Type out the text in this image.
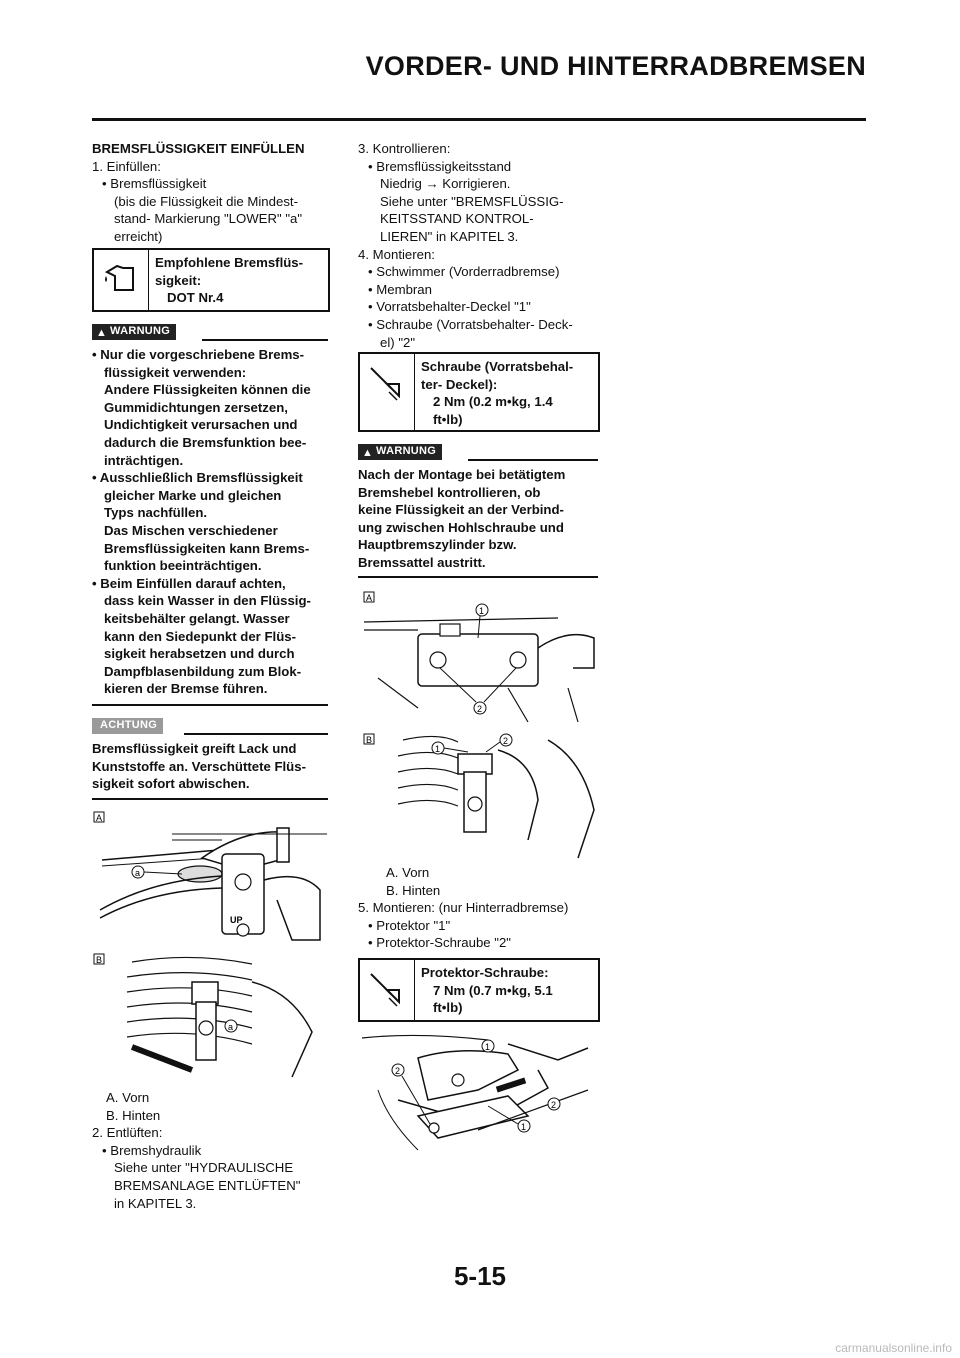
VORDER- UND HINTERRADBREMSEN
BREMSFLÜSSIGKEIT EINFÜLLEN
1. Einfüllen:
• Bremsflüssigkeit
(bis die Flüssigkeit die Mindest-
stand- Markierung "LOWER" "a"
erreicht)
Empfohlene Bremsflüs-
sigkeit:
DOT Nr.4
▲ WARNUNG
• Nur die vorgeschriebene Brems-
flüssigkeit verwenden:
Andere Flüssigkeiten können die
Gummidichtungen zersetzen,
Undichtigkeit verursachen und
dadurch die Bremsfunktion bee-
inträchtigen.
• Ausschließlich Bremsflüssigkeit
gleicher Marke und gleichen
Typs nachfüllen.
Das Mischen verschiedener
Bremsflüssigkeiten kann Brems-
funktion beeinträchtigen.
• Beim Einfüllen darauf achten,
dass kein Wasser in den Flüssig-
keitsbehälter gelangt. Wasser
kann den Siedepunkt der Flüs-
sigkeit herabsetzen und durch
Dampfblasenbildung zum Blok-
kieren der Bremse führen.
ACHTUNG
Bremsflüssigkeit greift Lack und
Kunststoffe an. Verschüttete Flüs-
sigkeit sofort abwischen.
A
UP
a
B
a
A. Vorn
B. Hinten
2. Entlüften:
• Bremshydraulik
Siehe unter "HYDRAULISCHE
BREMSANLAGE ENTLÜFTEN"
in KAPITEL 3.
3. Kontrollieren:
• Bremsflüssigkeitsstand
Niedrig → Korrigieren.
Siehe unter "BREMSFLÜSSIG-
KEITSSTAND KONTROL-
LIEREN" in KAPITEL 3.
4. Montieren:
• Schwimmer (Vorderradbremse)
• Membran
• Vorratsbehalter-Deckel "1"
• Schraube (Vorratsbehalter- Deck-
el) "2"
Schraube (Vorratsbehal-
ter- Deckel):
2 Nm (0.2 m•kg, 1.4
ft•lb)
▲ WARNUNG
Nach der Montage bei betätigtem
Bremshebel kontrollieren, ob
keine Flüssigkeit an der Verbind-
ung zwischen Hohlschraube und
Hauptbremszylinder bzw.
Bremssattel austritt.
A
1
2
B
1
2
A. Vorn
B. Hinten
5. Montieren: (nur Hinterradbremse)
• Protektor "1"
• Protektor-Schraube "2"
Protektor-Schraube:
7 Nm (0.7 m•kg, 5.1
ft•lb)
1
2
2
1
5-15
carmanualsonline.info
